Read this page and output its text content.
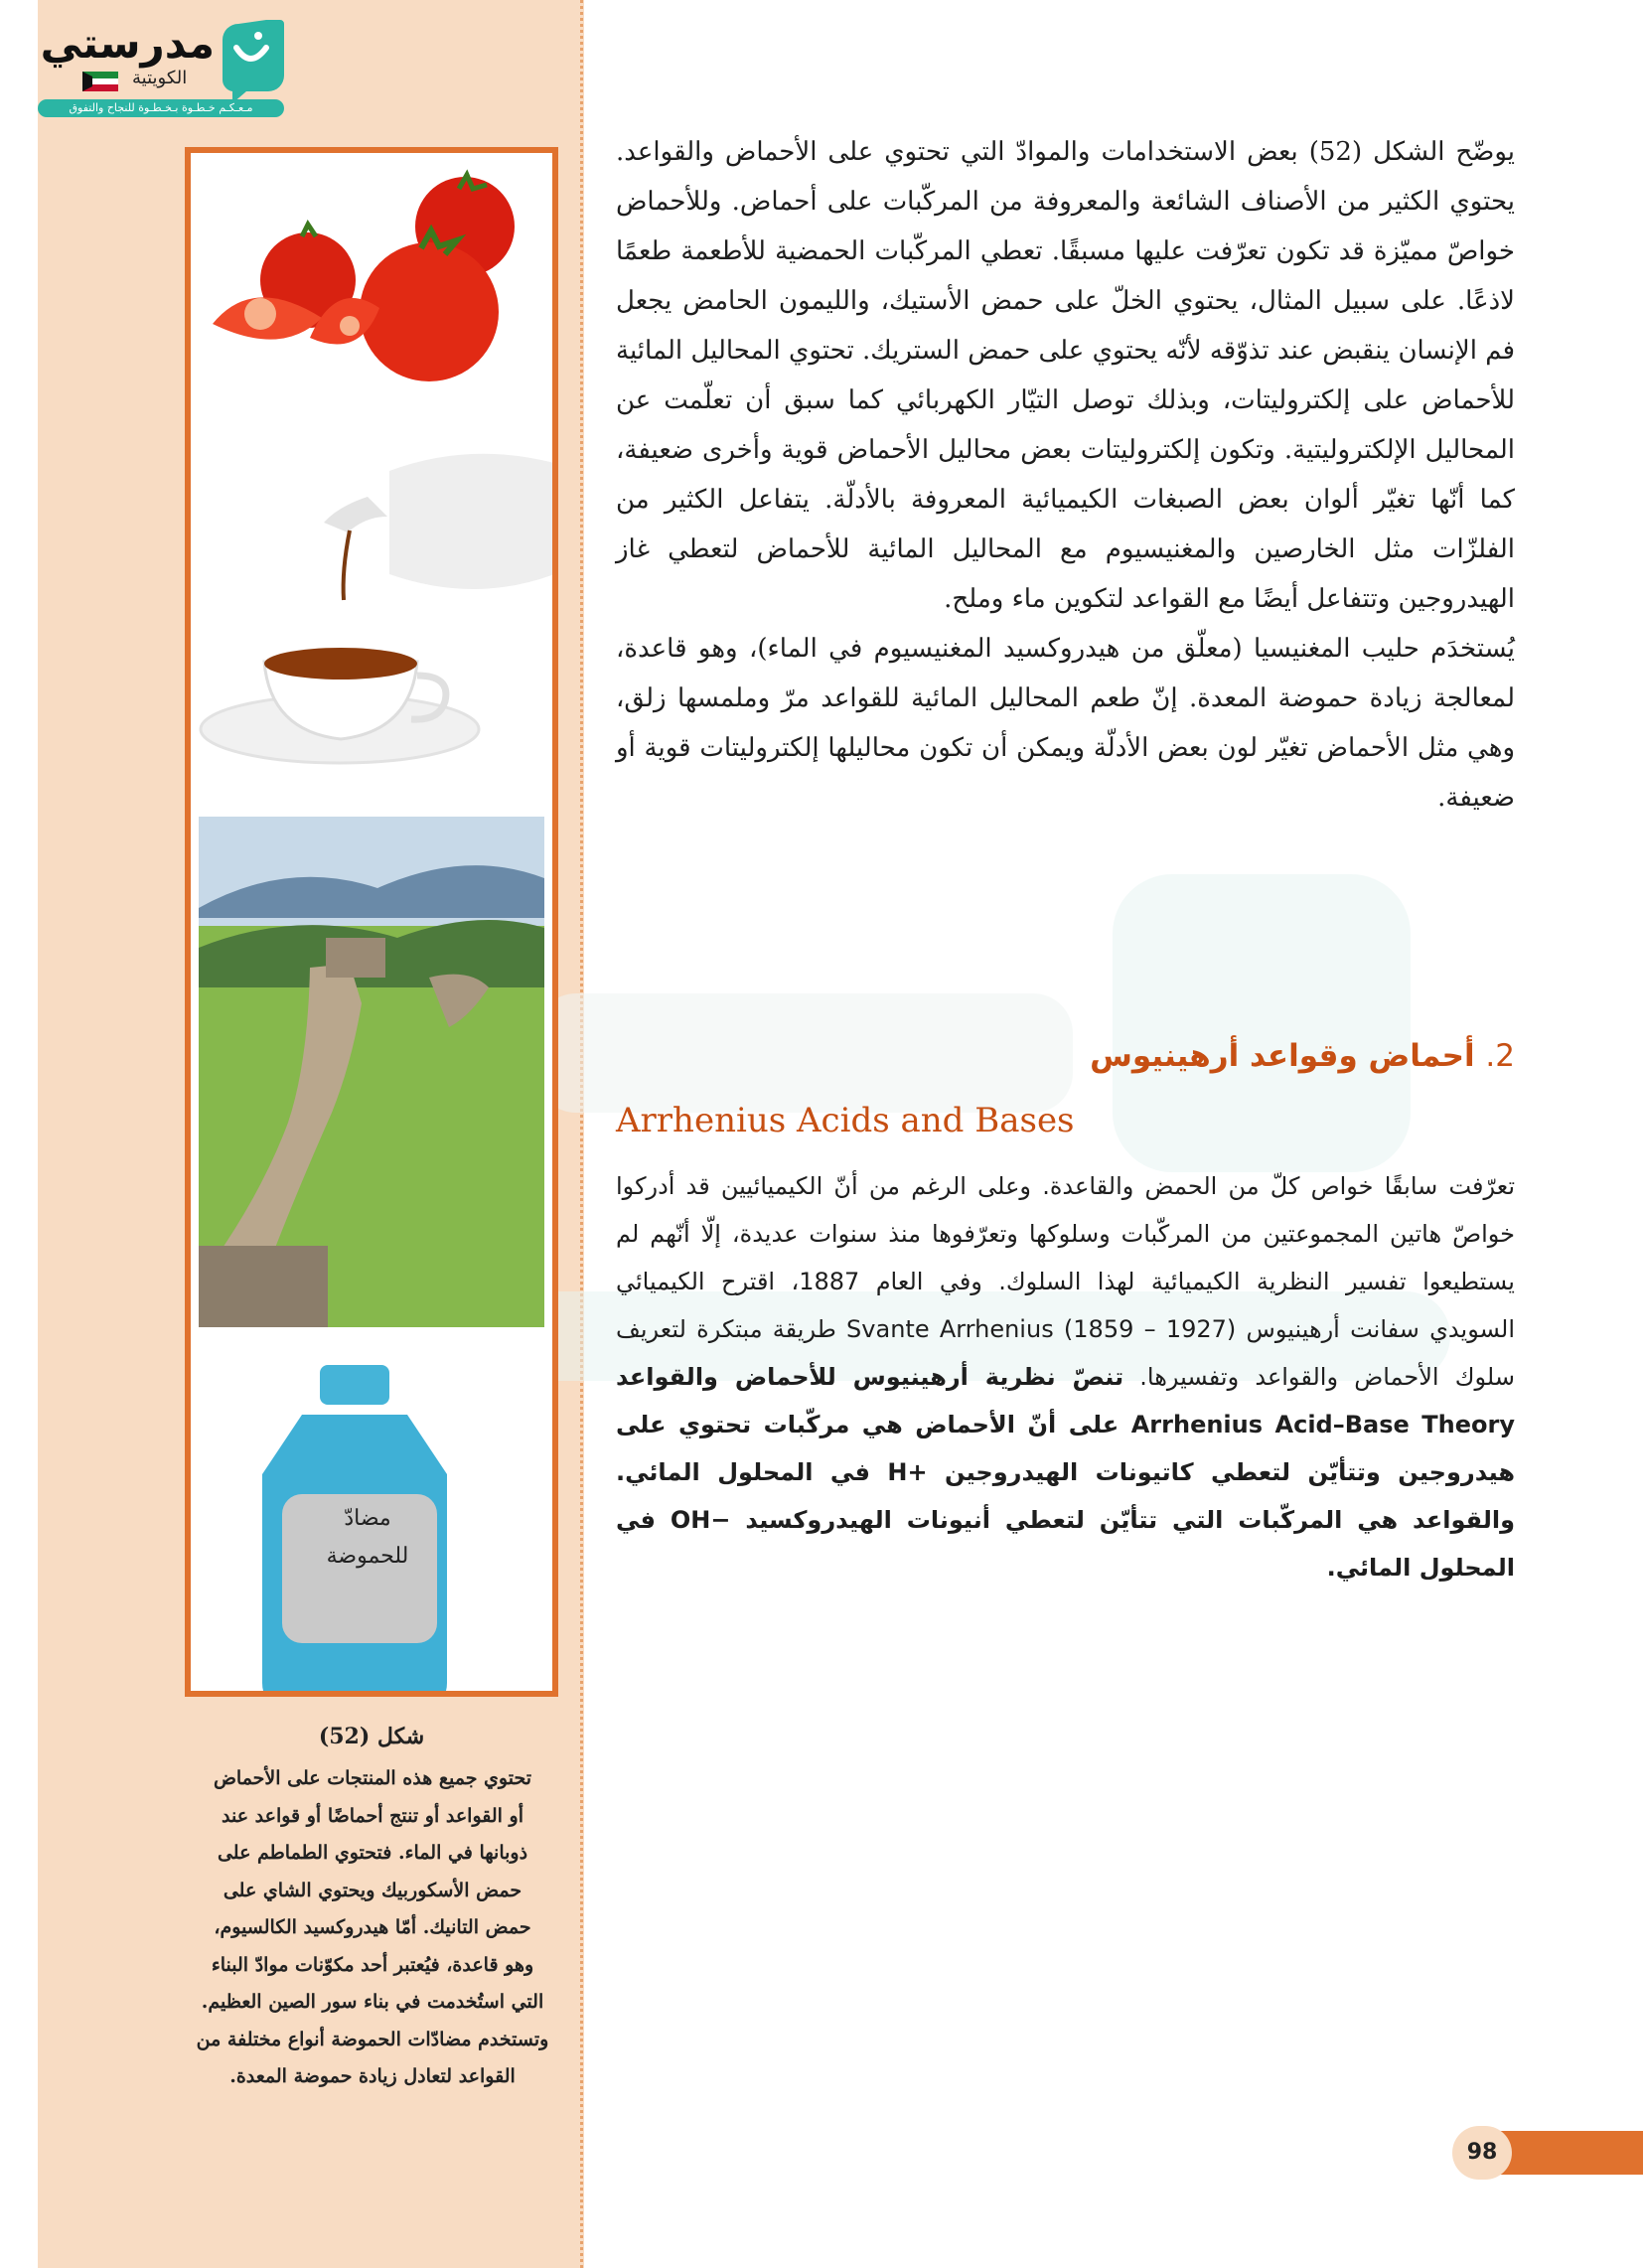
مدرستي
الكويتية
مـعـكـم خـطـوة بـخـطـوة للنجاح والتفوق
مضادّ
للحموضة
شكل (52)
تحتوي جميع هذه المنتجات على الأحماض
أو القواعد أو تنتج أحماضًا أو قواعد عند
ذوبانها في الماء. فتحتوي الطماطم على
حمض الأسكوربيك ويحتوي الشاي على
حمض التانيك. أمّا هيدروكسيد الكالسيوم،
وهو قاعدة، فيُعتبر أحد مكوّنات موادّ البناء
التي استُخدمت في بناء سور الصين العظيم.
وتستخدم مضادّات الحموضة أنواع مختلفة من
القواعد لتعادل زيادة حموضة المعدة.
يوضّح الشكل (52) بعض الاستخدامات والموادّ التي تحتوي على الأحماض والقواعد. يحتوي الكثير من الأصناف الشائعة والمعروفة من المركّبات على أحماض. وللأحماض خواصّ مميّزة قد تكون تعرّفت عليها مسبقًا. تعطي المركّبات الحمضية للأطعمة طعمًا لاذعًا. على سبيل المثال، يحتوي الخلّ على حمض الأستيك، والليمون الحامض يجعل فم الإنسان ينقبض عند تذوّقه لأنّه يحتوي على حمض الستريك. تحتوي المحاليل المائية للأحماض على إلكتروليتات، وبذلك توصل التيّار الكهربائي كما سبق أن تعلّمت عن المحاليل الإلكتروليتية. وتكون إلكتروليتات بعض محاليل الأحماض قوية وأخرى ضعيفة، كما أنّها تغيّر ألوان بعض الصبغات الكيميائية المعروفة بالأدلّة. يتفاعل الكثير من الفلزّات مثل الخارصين والمغنيسيوم مع المحاليل المائية للأحماض لتعطي غاز الهيدروجين وتتفاعل أيضًا مع القواعد لتكوين ماء وملح.
يُستخدَم حليب المغنيسيا (معلّق من هيدروكسيد المغنيسيوم في الماء)، وهو قاعدة، لمعالجة زيادة حموضة المعدة. إنّ طعم المحاليل المائية للقواعد مرّ وملمسها زلق، وهي مثل الأحماض تغيّر لون بعض الأدلّة ويمكن أن تكون محاليلها إلكتروليتات قوية أو ضعيفة.
2. أحماض وقواعد أرهينيوس
Arrhenius Acids and Bases
تعرّفت سابقًا خواص كلّ من الحمض والقاعدة. وعلى الرغم من أنّ الكيميائيين قد أدركوا خواصّ هاتين المجموعتين من المركّبات وسلوكها وتعرّفوها منذ سنوات عديدة، إلّا أنّهم لم يستطيعوا تفسير النظرية الكيميائية لهذا السلوك. وفي العام 1887، اقترح الكيميائي السويدي سفانت أرهينيوس Svante Arrhenius (1859 – 1927) طريقة مبتكرة لتعريف سلوك الأحماض والقواعد وتفسيرها. تنصّ نظرية أرهينيوس للأحماض والقواعد Arrhenius Acid–Base Theory على أنّ الأحماض هي مركّبات تحتوي على هيدروجين وتتأيّن لتعطي كاتيونات الهيدروجين +H في المحلول المائي. والقواعد هي المركّبات التي تتأيّن لتعطي أنيونات الهيدروكسيد −OH في المحلول المائي.
98
